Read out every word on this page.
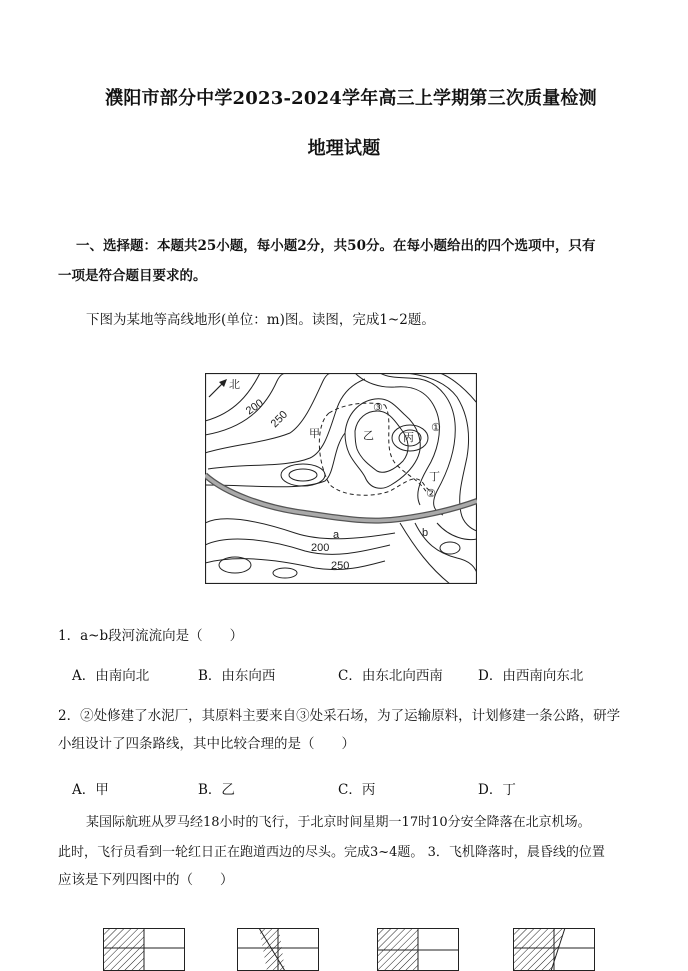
濮阳市部分中学2023-2024学年高三上学期第三次质量检测
地理试题
一、选择题：本题共25小题，每小题2分，共50分。在每小题给出的四个选项中，只有
一项是符合题目要求的。
下图为某地等高线地形(单位：m)图。读图，完成1~2题。
北
200
250
200
250
甲	乙	丙
丁
①
②
③
a	b
1．a~b段河流流向是（　　）
A．由南向北	B．由东向西	C．由东北向西南	D．由西南向东北
2．②处修建了水泥厂，其原料主要来自③处采石场，为了运输原料，计划修建一条公路，研学
小组设计了四条路线，其中比较合理的是（　　）
A．甲	B．乙	C．丙	D．丁
某国际航班从罗马经18小时的飞行，于北京时间星期一17时10分安全降落在北京机场。
此时，飞行员看到一轮红日正在跑道西边的尽头。完成3~4题。 3．飞机降落时，晨昏线的位置
应该是下列四图中的（　　）
